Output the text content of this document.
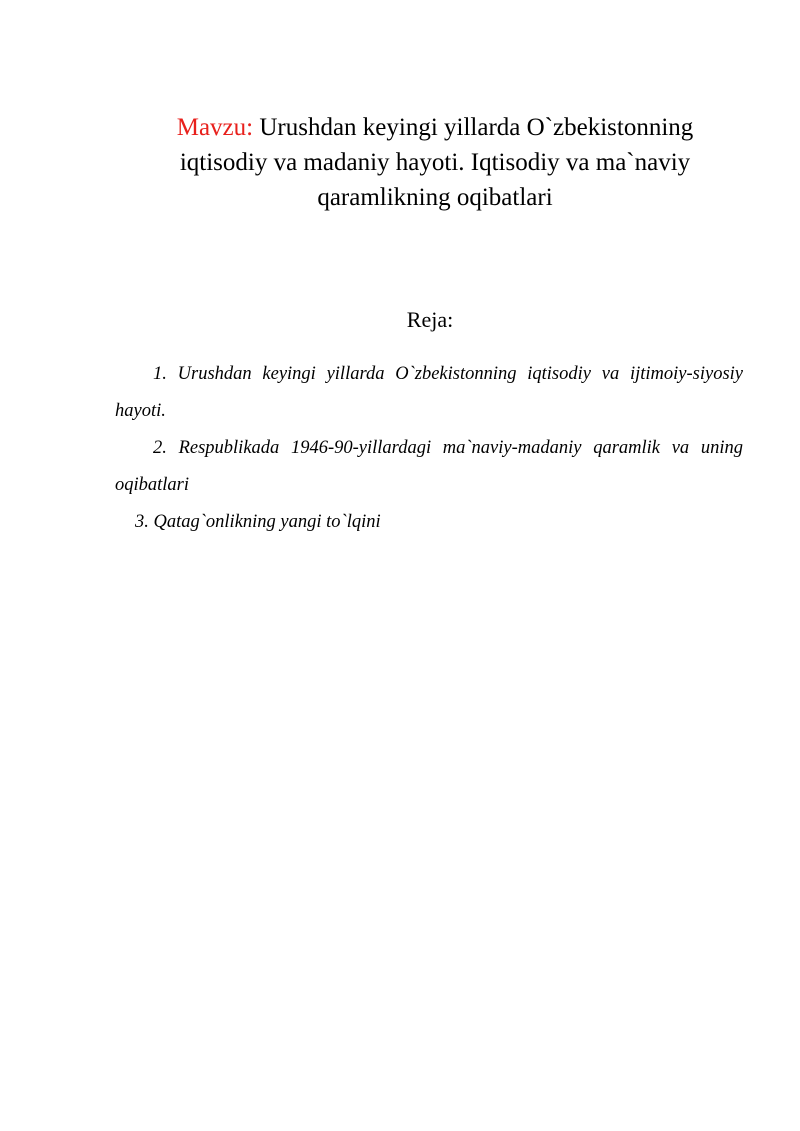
Mavzu: Urushdan keyingi yillarda O`zbekistonning iqtisodiy va madaniy hayoti. Iqtisodiy va ma`naviy qaramlikning oqibatlari
Reja:

1. Urushdan keyingi yillarda O`zbekistonning iqtisodiy va ijtimoiy-siyosiy hayoti.

2. Respublikada 1946-90-yillardagi ma`naviy-madaniy qaramlik va uning oqibatlari

3. Qatag`onlikning yangi to`lqini
